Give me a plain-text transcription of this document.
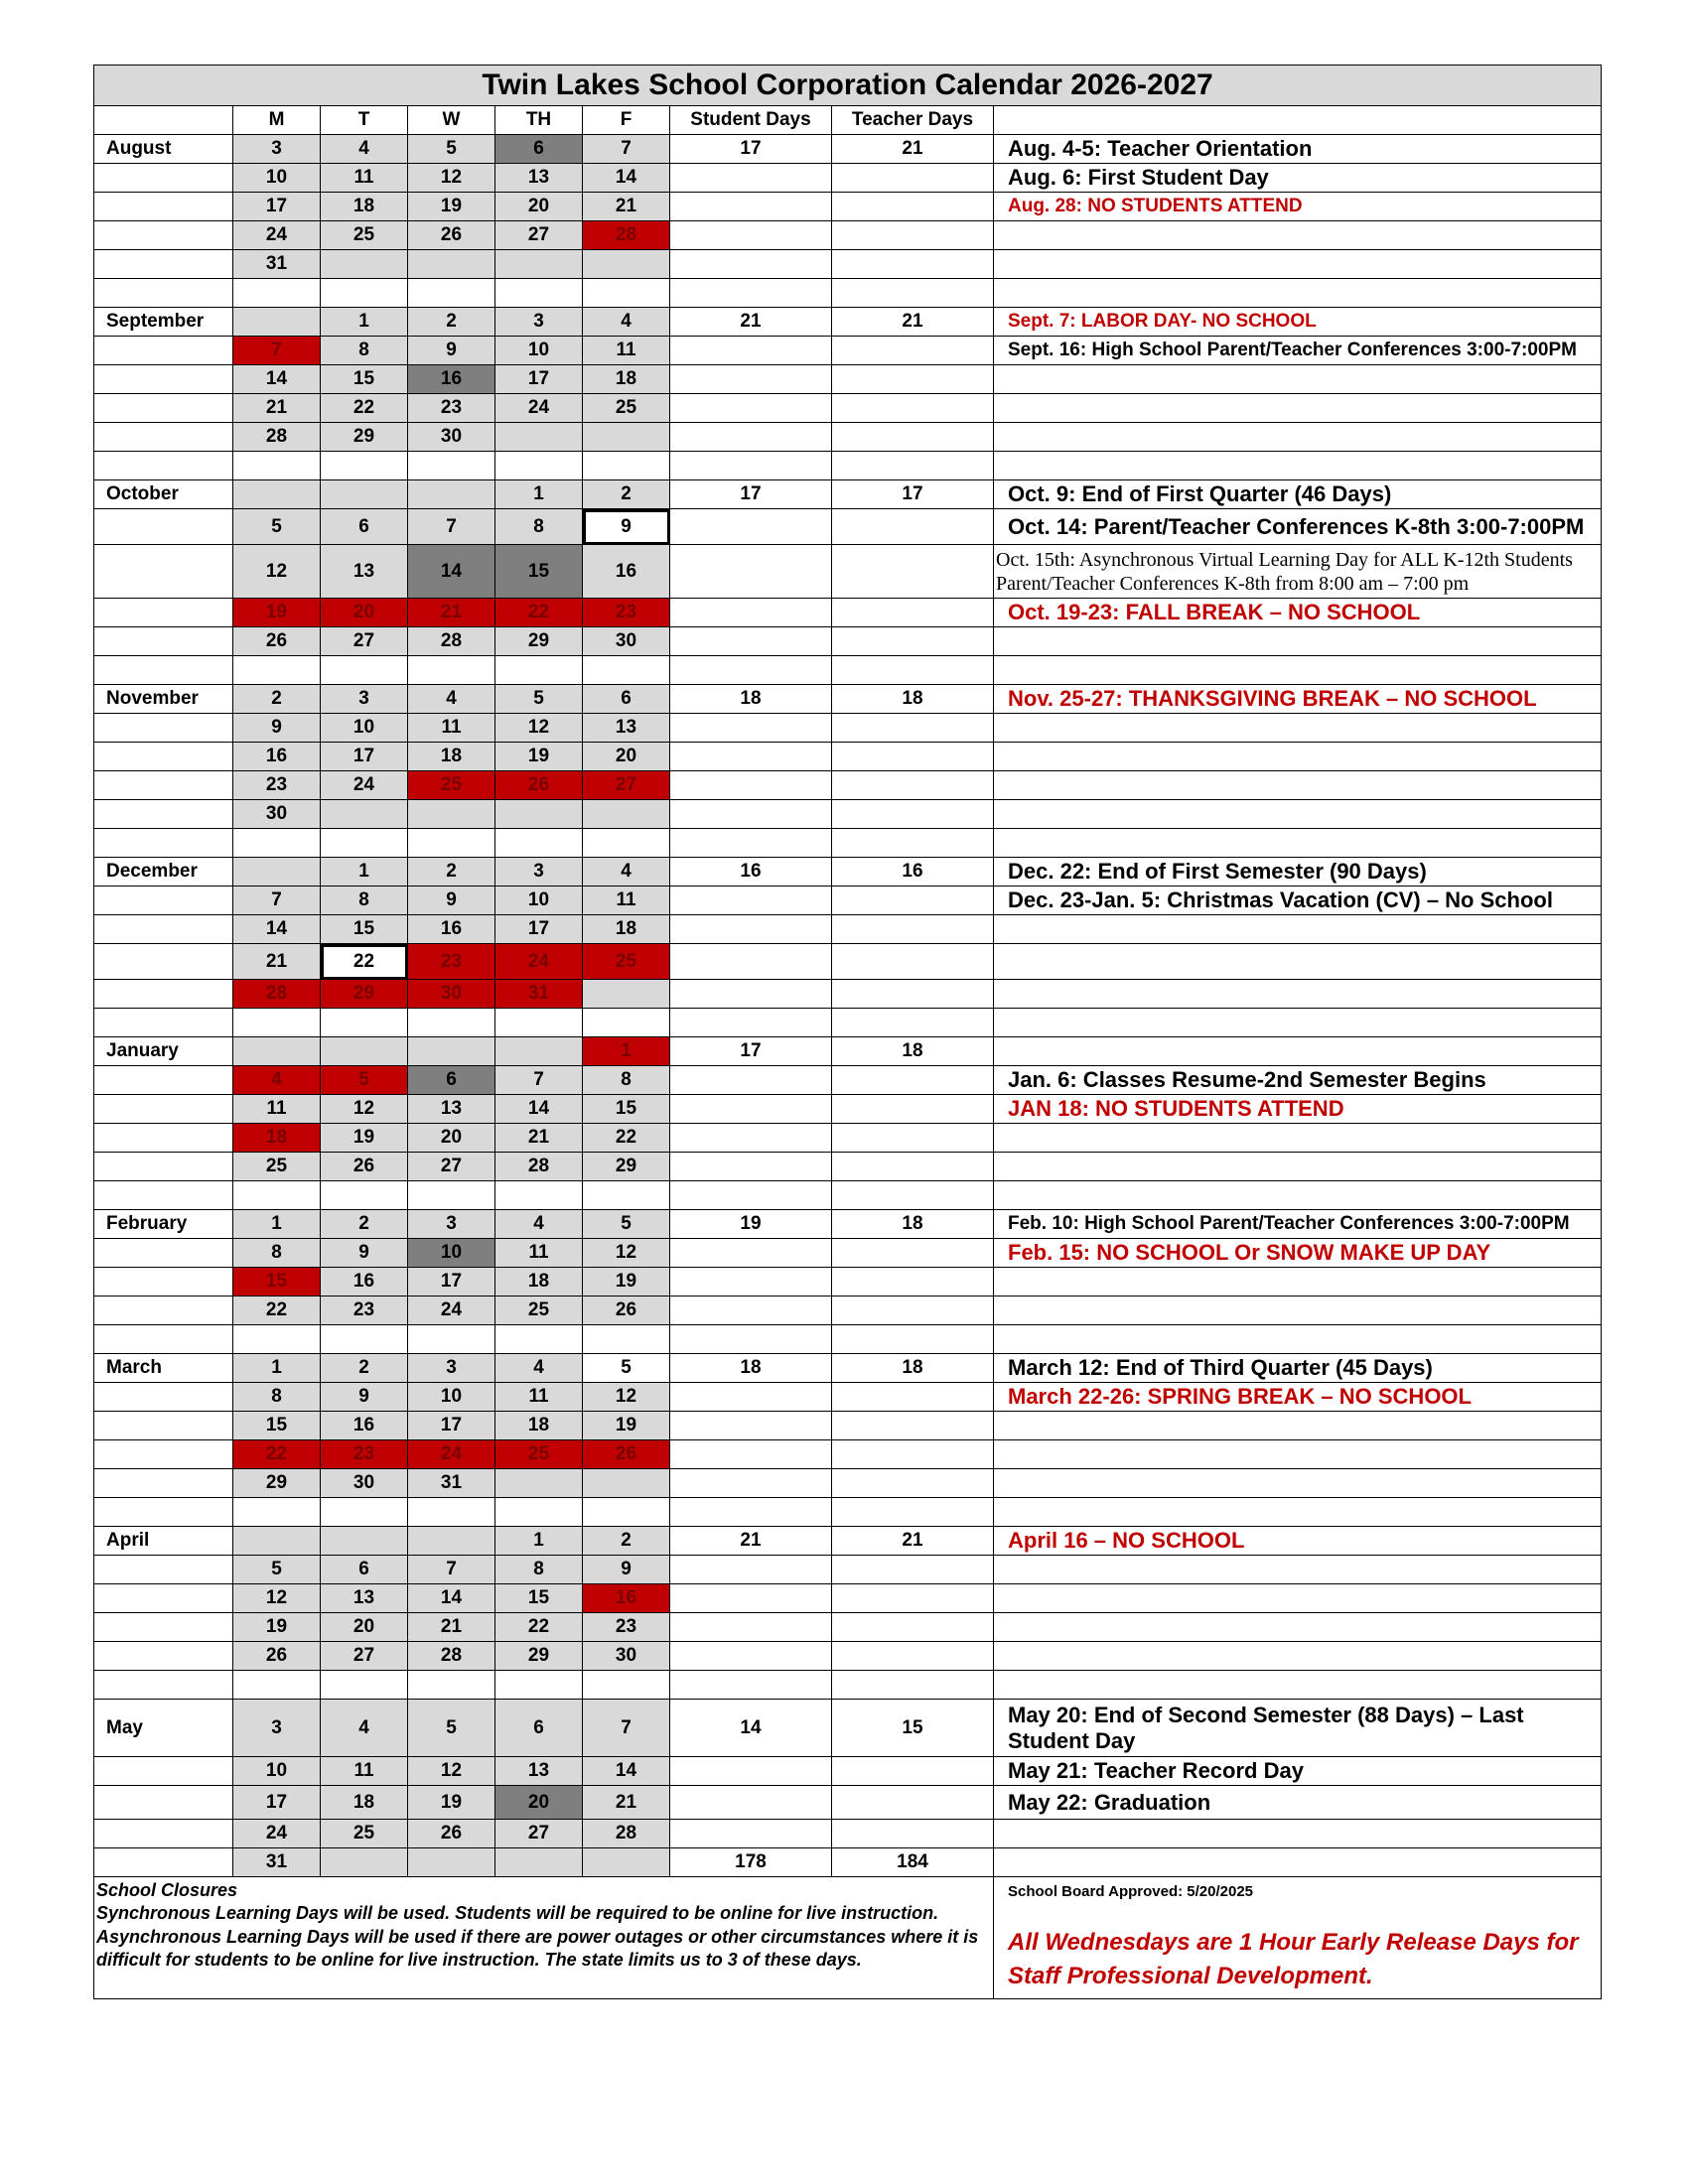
Twin Lakes School Corporation Calendar 2026-2027								
	M	T	W	TH	F	Student Days	Teacher Days	
August	3	4	5	6	7	17	21	Aug. 4-5: Teacher Orientation
	10	11	12	13	14			Aug. 6: First Student Day
	17	18	19	20	21			Aug. 28: NO STUDENTS ATTEND
	24	25	26	27	28			
	31							

September		1	2	3	4	21	21	Sept. 7: LABOR DAY- NO SCHOOL
	7	8	9	10	11			Sept. 16: High School Parent/Teacher Conferences 3:00-7:00PM
	14	15	16	17	18			
	21	22	23	24	25			
	28	29	30					

October				1	2	17	17	Oct. 9: End of First Quarter (46 Days)
	5	6	7	8	9			Oct. 14: Parent/Teacher Conferences K-8th 3:00-7:00PM
	12	13	14	15	16			Oct. 15th: Asynchronous Virtual Learning Day for ALL K-12th Students Parent/Teacher Conferences K-8th from 8:00 am – 7:00 pm
	19	20	21	22	23			Oct. 19-23: FALL BREAK – NO SCHOOL
	26	27	28	29	30			

November	2	3	4	5	6	18	18	Nov. 25-27: THANKSGIVING BREAK – NO SCHOOL
	9	10	11	12	13			
	16	17	18	19	20			
	23	24	25	26	27			
	30							

December		1	2	3	4	16	16	Dec. 22: End of First Semester (90 Days)
	7	8	9	10	11			Dec. 23-Jan. 5: Christmas Vacation (CV) – No School
	14	15	16	17	18			
	21	22	23	24	25			
	28	29	30	31				

January					1	17	18	
	4	5	6	7	8			Jan. 6: Classes Resume-2nd Semester Begins
	11	12	13	14	15			JAN 18: NO STUDENTS ATTEND
	18	19	20	21	22			
	25	26	27	28	29			

February	1	2	3	4	5	19	18	Feb. 10: High School Parent/Teacher Conferences 3:00-7:00PM
	8	9	10	11	12			Feb. 15: NO SCHOOL Or SNOW MAKE UP DAY
	15	16	17	18	19			
	22	23	24	25	26			

March	1	2	3	4	5	18	18	March 12: End of Third Quarter (45 Days)
	8	9	10	11	12			March 22-26: SPRING BREAK – NO SCHOOL
	15	16	17	18	19			
	22	23	24	25	26			
	29	30	31					

April				1	2	21	21	April 16 – NO SCHOOL
	5	6	7	8	9			
	12	13	14	15	16			
	19	20	21	22	23			
	26	27	28	29	30			

May	3	4	5	6	7	14	15	May 20: End of Second Semester (88 Days) – Last Student Day
	10	11	12	13	14			May 21: Teacher Record Day
	17	18	19	20	21			May 22: Graduation
	24	25	26	27	28			
	31					178	184	

School Closures
Synchronous Learning Days will be used. Students will be required to be online for live instruction.
Asynchronous Learning Days will be used if there are power outages or other circumstances where it is difficult for students to be online for live instruction. The state limits us to 3 of these days.								School Board Approved: 5/20/2025
All Wednesdays are 1 Hour Early Release Days for Staff Professional Development.
